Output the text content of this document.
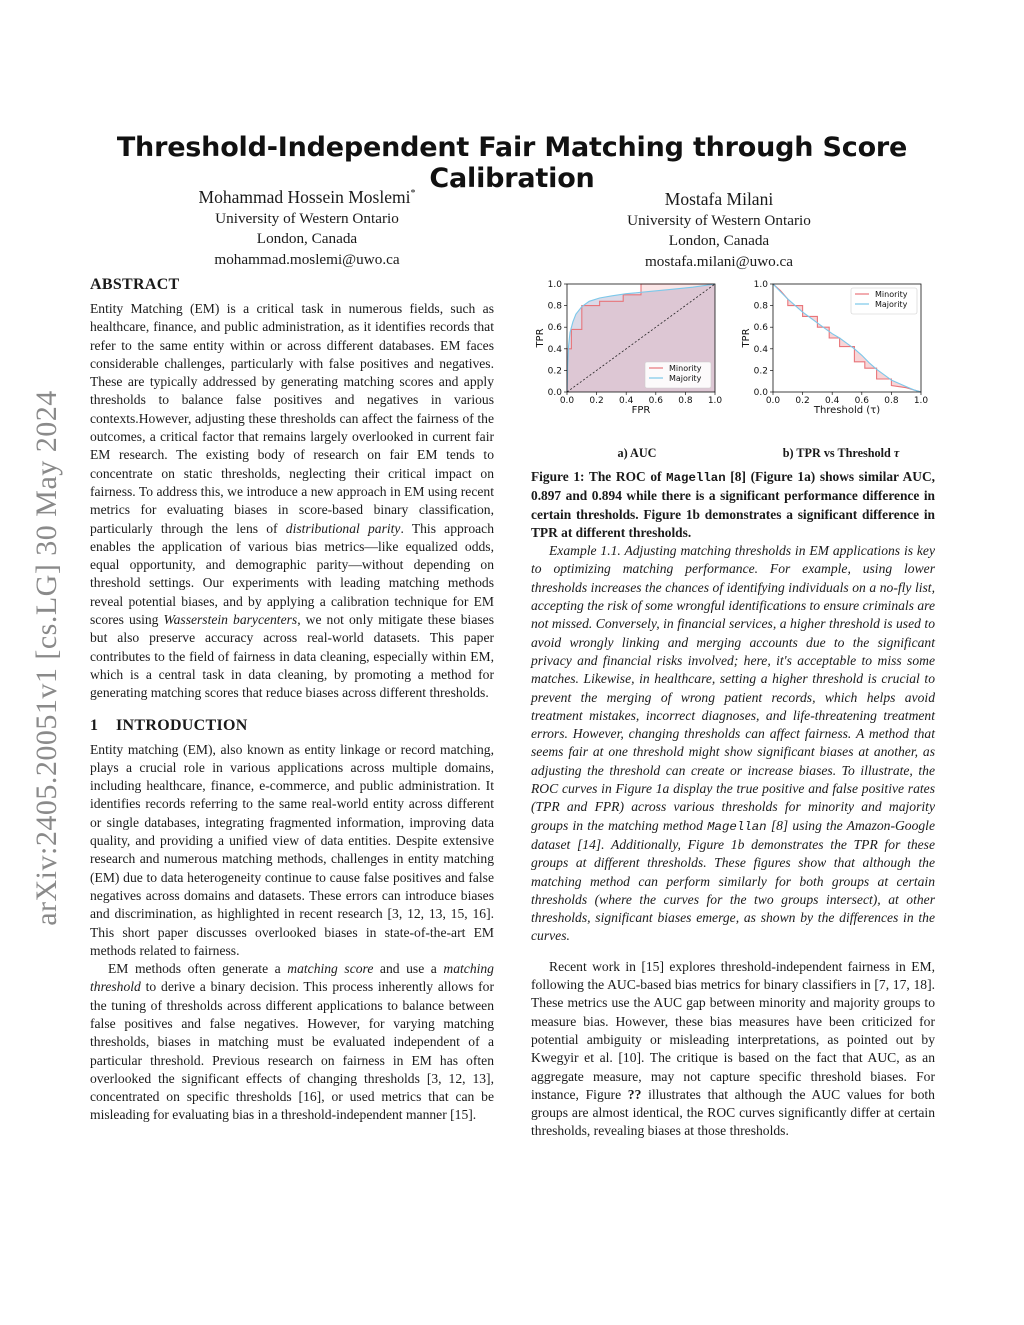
arXiv:2405.20051v1 [cs.LG] 30 May 2024
Threshold-Independent Fair Matching through Score Calibration
Mohammad Hossein Moslemi*
University of Western Ontario
London, Canada
mohammad.moslemi@uwo.ca
Mostafa Milani
University of Western Ontario
London, Canada
mostafa.milani@uwo.ca
ABSTRACT

Entity Matching (EM) is a critical task in numerous fields, such as healthcare, finance, and public administration, as it identifies records that refer to the same entity within or across different databases. EM faces considerable challenges, particularly with false positives and negatives. These are typically addressed by generating matching scores and apply thresholds to balance false positives and negatives in various contexts.However, adjusting these thresholds can affect the fairness of the outcomes, a critical factor that remains largely overlooked in current fair EM research. The existing body of research on fair EM tends to concentrate on static thresholds, neglecting their critical impact on fairness. To address this, we introduce a new approach in EM using recent metrics for evaluating biases in score-based binary classification, particularly through the lens of distributional parity. This approach enables the application of various bias metrics—like equalized odds, equal opportunity, and demographic parity—without depending on threshold settings. Our experiments with leading matching methods reveal potential biases, and by applying a calibration technique for EM scores using Wasserstein barycenters, we not only mitigate these biases but also preserve accuracy across real-world datasets. This paper contributes to the field of fairness in data cleaning, especially within EM, which is a central task in data cleaning, by promoting a method for generating matching scores that reduce biases across different thresholds.

1 INTRODUCTION

Entity matching (EM), also known as entity linkage or record matching, plays a crucial role in various applications across multiple domains, including healthcare, finance, e-commerce, and public administration. It identifies records referring to the same real-world entity across different or single databases, integrating fragmented information, improving data quality, and providing a unified view of data entities. Despite extensive research and numerous matching methods, challenges in entity matching (EM) due to data heterogeneity continue to cause false positives and false negatives across domains and datasets. These errors can introduce biases and discrimination, as highlighted in recent research [3, 12, 13, 15, 16]. This short paper discusses overlooked biases in state-of-the-art EM methods related to fairness.

EM methods often generate a matching score and use a matching threshold to derive a binary decision. This process inherently allows for the tuning of thresholds across different applications to balance between false positives and false negatives. However, for varying matching thresholds, biases in matching must be evaluated independent of a particular threshold. Previous research on fairness in EM has often overlooked the significant effects of changing thresholds [3, 12, 13], concentrated on specific thresholds [16], or used metrics that can be misleading for evaluating bias in a threshold-independent manner [15].

0.0
0.0
0.2
0.2
0.4
0.4
0.6
0.6
0.8
0.8
1.0
1.0
FPR
TPR
Minority
Majority
0.0
0.0
0.2
0.2
0.4
0.4
0.6
0.6
0.8
0.8
1.0
1.0
Threshold (τ)
TPR
Minority
Majority
a) AUC	b) TPR vs Threshold τ

Figure 1: The ROC of Magellan [8] (Figure 1a) shows similar AUC, 0.897 and 0.894 while there is a significant performance difference in certain thresholds. Figure 1b demonstrates a significant difference in TPR at different thresholds.

Example 1.1. Adjusting matching thresholds in EM applications is key to optimizing matching performance. For example, using lower thresholds increases the chances of identifying individuals on a no-fly list, accepting the risk of some wrongful identifications to ensure criminals are not missed. Conversely, in financial services, a higher threshold is used to avoid wrongly linking and merging accounts due to the significant privacy and financial risks involved; here, it's acceptable to miss some matches. Likewise, in healthcare, setting a higher threshold is crucial to prevent the merging of wrong patient records, which helps avoid treatment mistakes, incorrect diagnoses, and life-threatening treatment errors. However, changing thresholds can affect fairness. A method that seems fair at one threshold might show significant biases at another, as adjusting the threshold can create or increase biases. To illustrate, the ROC curves in Figure 1a display the true positive and false positive rates (TPR and FPR) across various thresholds for minority and majority groups in the matching method Magellan [8] using the Amazon-Google dataset [14]. Additionally, Figure 1b demonstrates the TPR for these groups at different thresholds. These figures show that although the matching method can perform similarly for both groups at certain thresholds (where the curves for the two groups intersect), at other thresholds, significant biases emerge, as shown by the differences in the curves.

Recent work in [15] explores threshold-independent fairness in EM, following the AUC-based bias metrics for binary classifiers in [7, 17, 18]. These metrics use the AUC gap between minority and majority groups to measure bias. However, these bias measures have been criticized for potential ambiguity or misleading interpretations, as pointed out by Kwegyir et al. [10]. The critique is based on the fact that AUC, as an aggregate measure, may not capture specific threshold biases. For instance, Figure ?? illustrates that although the AUC values for both groups are almost identical, the ROC curves significantly differ at certain thresholds, revealing biases at those thresholds.
